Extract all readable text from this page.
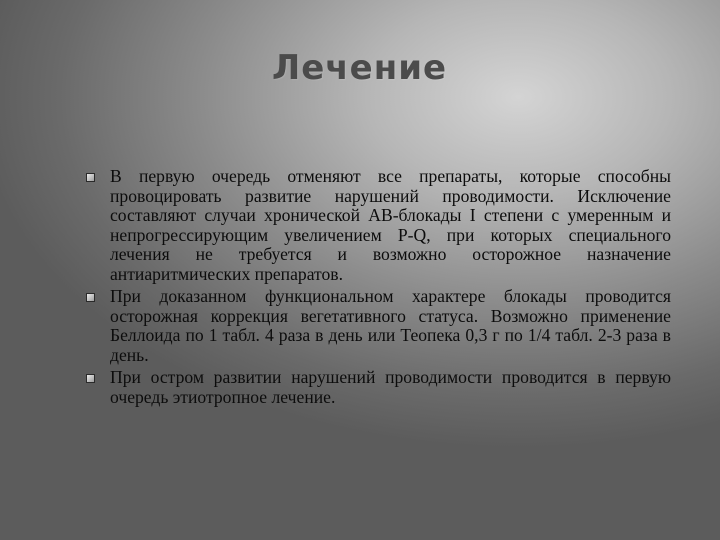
Лечение
В первую очередь отменяют все препараты, которые способны провоцировать развитие нарушений проводимости. Исключение составляют случаи хронической АВ-блокады I степени с умеренным и непрогрессирующим увеличением P-Q, при которых специального лечения не требуется и возможно осторожное назначение антиаритмических препаратов.
При доказанном функциональном характере блокады проводится осторожная коррекция вегетативного статуса. Возможно применение Беллоида по 1 табл. 4 раза в день или Теопека 0,3 г по 1/4 табл. 2-3 раза в день.
При остром развитии нарушений проводимости проводится в первую очередь этиотропное лечение.
